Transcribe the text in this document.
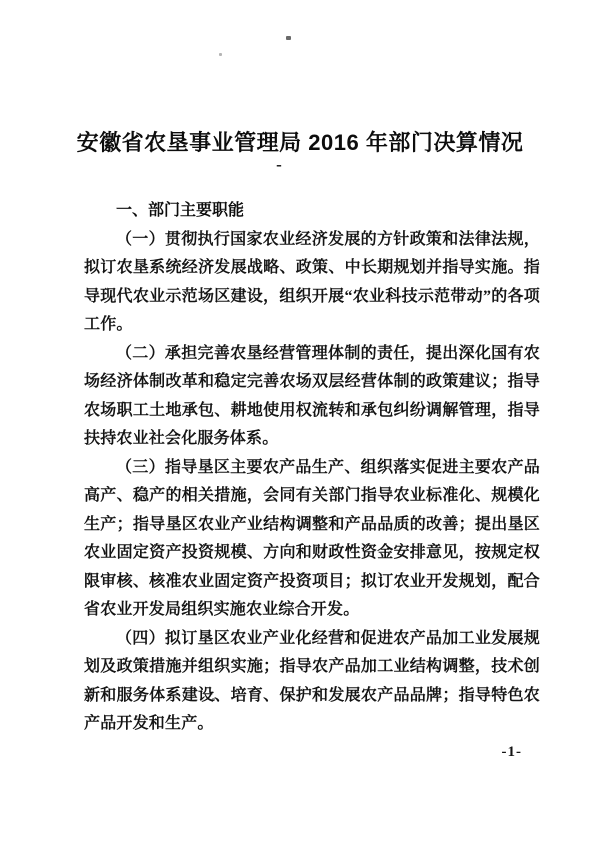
安徽省农垦事业管理局 2016 年部门决算情况
-
一、部门主要职能

（一）贯彻执行国家农业经济发展的方针政策和法律法规，拟订农垦系统经济发展战略、政策、中长期规划并指导实施。指导现代农业示范场区建设，组织开展“农业科技示范带动”的各项工作。

（二）承担完善农垦经营管理体制的责任，提出深化国有农场经济体制改革和稳定完善农场双层经营体制的政策建议；指导农场职工土地承包、耕地使用权流转和承包纠纷调解管理，指导扶持农业社会化服务体系。

（三）指导垦区主要农产品生产、组织落实促进主要农产品高产、稳产的相关措施，会同有关部门指导农业标准化、规模化生产；指导垦区农业产业结构调整和产品品质的改善；提出垦区农业固定资产投资规模、方向和财政性资金安排意见，按规定权限审核、核准农业固定资产投资项目；拟订农业开发规划，配合省农业开发局组织实施农业综合开发。

（四）拟订垦区农业产业化经营和促进农产品加工业发展规划及政策措施并组织实施；指导农产品加工业结构调整，技术创新和服务体系建设、培育、保护和发展农产品品牌；指导特色农产品开发和生产。

-1-
